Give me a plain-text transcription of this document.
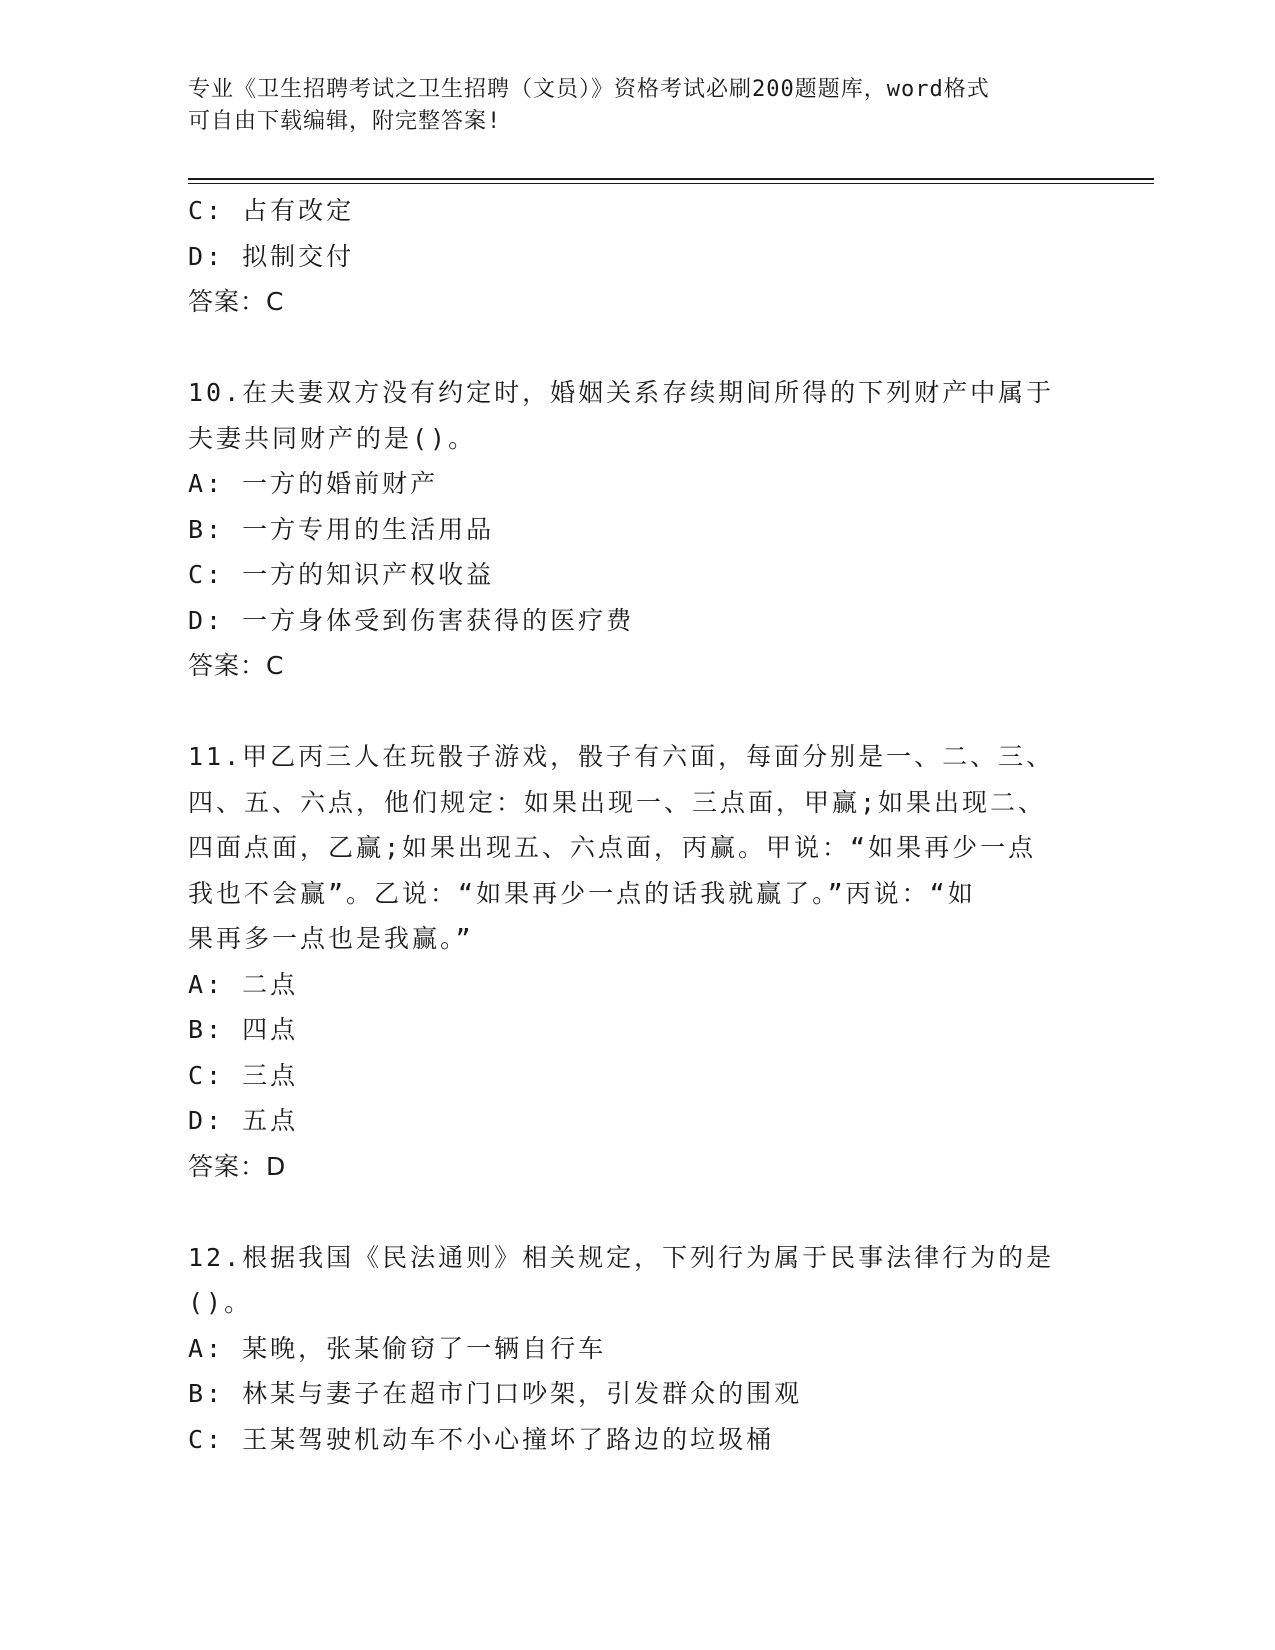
专业《卫生招聘考试之卫生招聘（文员）》资格考试必刷200题题库，word格式
可自由下载编辑，附完整答案!
C: 占有改定
D: 拟制交付
答案：C
10.在夫妻双方没有约定时，婚姻关系存续期间所得的下列财产中属于
夫妻共同财产的是()。
A: 一方的婚前财产
B: 一方专用的生活用品
C: 一方的知识产权收益
D: 一方身体受到伤害获得的医疗费
答案：C
11.甲乙丙三人在玩骰子游戏，骰子有六面，每面分别是一、二、三、
四、五、六点，他们规定：如果出现一、三点面，甲赢;如果出现二、
四面点面，乙赢;如果出现五、六点面，丙赢。甲说：“如果再少一点
我也不会赢”。乙说：“如果再少一点的话我就赢了。”丙说：“如
果再多一点也是我赢。”
A: 二点
B: 四点
C: 三点
D: 五点
答案：D
12.根据我国《民法通则》相关规定，下列行为属于民事法律行为的是
()。
A: 某晚，张某偷窃了一辆自行车
B: 林某与妻子在超市门口吵架，引发群众的围观
C: 王某驾驶机动车不小心撞坏了路边的垃圾桶
